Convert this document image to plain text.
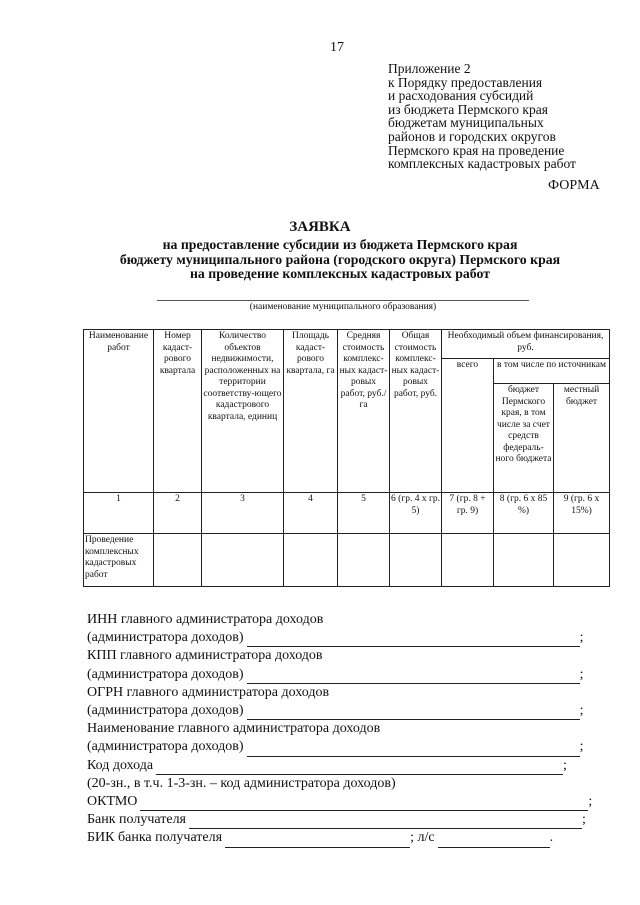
17
Приложение 2
к Порядку предоставления
и расходования субсидий
из бюджета Пермского края
бюджетам муниципальных
районов и городских округов
Пермского края на проведение
комплексных кадастровых работ
ФОРМА
ЗАЯВКА
на предоставление субсидии из бюджета Пермского края
бюджету муниципального района (городского округа) Пермского края
на проведение комплексных кадастровых работ
(наименование муниципального образования)
Наименование работ	Номер кадаст-рового квартала	Количество объектов недвижимости, расположенных на территории соответству-ющего кадастрового квартала, единиц	Площадь кадаст-рового квартала, га	Средняя стоимость комплекс-ных кадаст-ровых работ, руб./га	Общая стоимость комплекс-ных кадаст-ровых работ, руб.	Необходимый объем финансирования, руб.		
						всего	в том числе по источникам	
							бюджет Пермского края, в том числе за счет средств федераль-ного бюджета	местный бюджет
1	2	3	4	5	6 (гр. 4 х гр. 5)	7 (гр. 8 + гр. 9)	8 (гр. 6 х 85 %)	9 (гр. 6 х 15%)
Проведение комплексных кадастровых работ								
ИНН главного администратора доходов
(администратора доходов)	;
КПП главного администратора доходов
(администратора доходов)	;
ОГРН главного администратора доходов
(администратора доходов)	;
Наименование главного администратора доходов
(администратора доходов)	;
Код дохода	;
(20-зн., в т.ч. 1-3-зн. – код администратора доходов)
ОКТМО	;
Банк получателя	;
БИК банка получателя	; л/с	.
